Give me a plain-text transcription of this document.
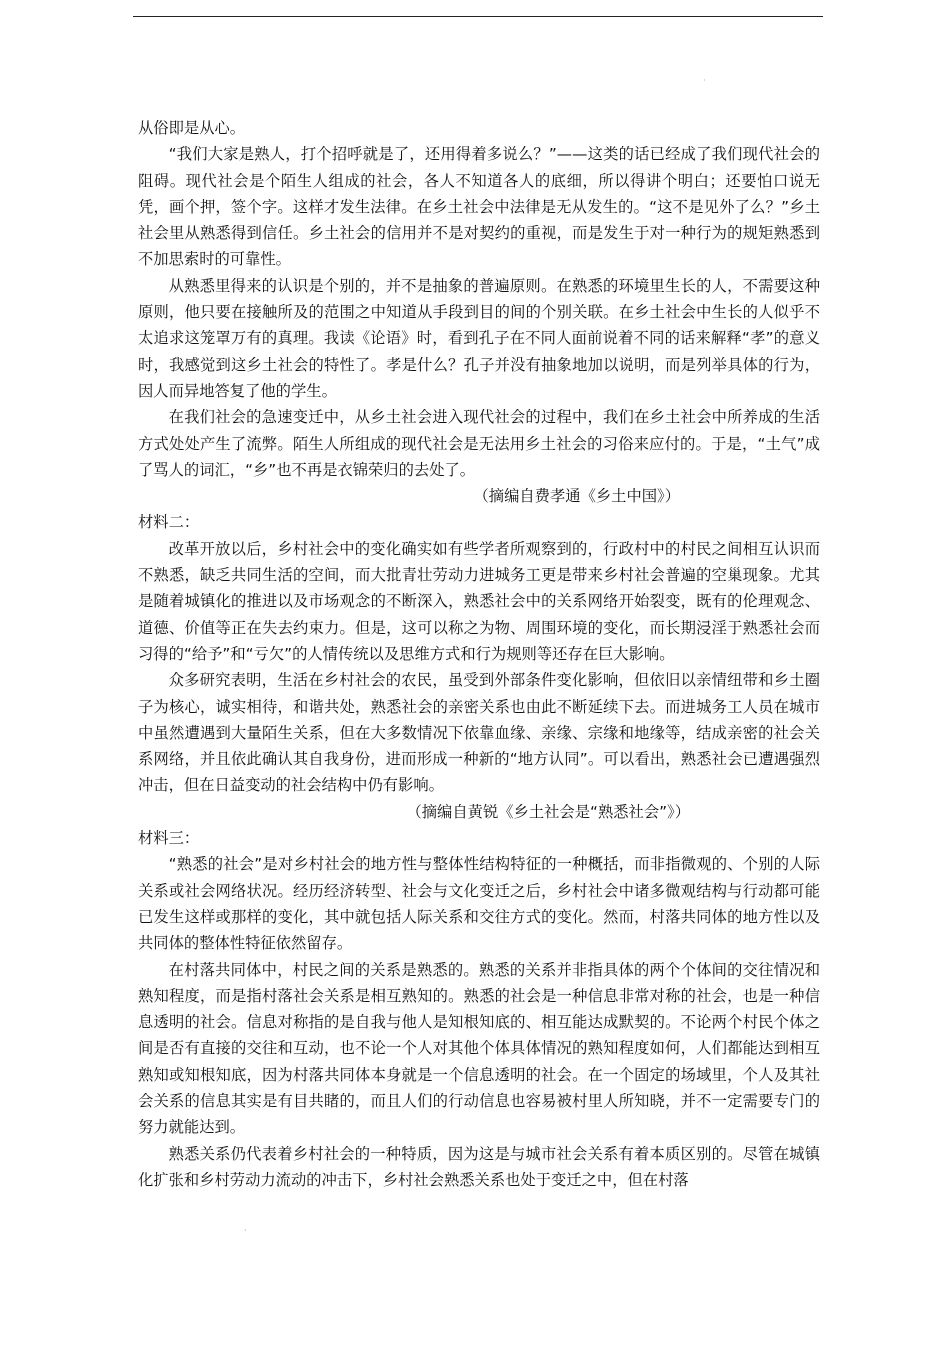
·
·

从俗即是从心。

“我们大家是熟人，打个招呼就是了，还用得着多说么？”——这类的话已经成了我们现代社会的阻碍。现代社会是个陌生人组成的社会，各人不知道各人的底细，所以得讲个明白；还要怕口说无凭，画个押，签个字。这样才发生法律。在乡土社会中法律是无从发生的。“这不是见外了么？”乡土社会里从熟悉得到信任。乡土社会的信用并不是对契约的重视，而是发生于对一种行为的规矩熟悉到不加思索时的可靠性。

从熟悉里得来的认识是个别的，并不是抽象的普遍原则。在熟悉的环境里生长的人，不需要这种原则，他只要在接触所及的范围之中知道从手段到目的间的个别关联。在乡土社会中生长的人似乎不太追求这笼罩万有的真理。我读《论语》时，看到孔子在不同人面前说着不同的话来解释“孝”的意义时，我感觉到这乡土社会的特性了。孝是什么？孔子并没有抽象地加以说明，而是列举具体的行为，因人而异地答复了他的学生。

在我们社会的急速变迁中，从乡土社会进入现代社会的过程中，我们在乡土社会中所养成的生活方式处处产生了流弊。陌生人所组成的现代社会是无法用乡土社会的习俗来应付的。于是，“土气”成了骂人的词汇，“乡”也不再是衣锦荣归的去处了。

（摘编自费孝通《乡土中国》）

材料二：

改革开放以后，乡村社会中的变化确实如有些学者所观察到的，行政村中的村民之间相互认识而不熟悉，缺乏共同生活的空间，而大批青壮劳动力进城务工更是带来乡村社会普遍的空巢现象。尤其是随着城镇化的推进以及市场观念的不断深入，熟悉社会中的关系网络开始裂变，既有的伦理观念、道德、价值等正在失去约束力。但是，这可以称之为物、周围环境的变化，而长期浸淫于熟悉社会而习得的“给予”和“亏欠”的人情传统以及思维方式和行为规则等还存在巨大影响。

众多研究表明，生活在乡村社会的农民，虽受到外部条件变化影响，但依旧以亲情纽带和乡土圈子为核心，诚实相待，和谐共处，熟悉社会的亲密关系也由此不断延续下去。而进城务工人员在城市中虽然遭遇到大量陌生关系，但在大多数情况下依靠血缘、亲缘、宗缘和地缘等，结成亲密的社会关系网络，并且依此确认其自我身份，进而形成一种新的“地方认同”。可以看出，熟悉社会已遭遇强烈冲击，但在日益变动的社会结构中仍有影响。

（摘编自黄锐《乡土社会是“熟悉社会”》）

材料三：

“熟悉的社会”是对乡村社会的地方性与整体性结构特征的一种概括，而非指微观的、个别的人际关系或社会网络状况。经历经济转型、社会与文化变迁之后，乡村社会中诸多微观结构与行动都可能已发生这样或那样的变化，其中就包括人际关系和交往方式的变化。然而，村落共同体的地方性以及共同体的整体性特征依然留存。

在村落共同体中，村民之间的关系是熟悉的。熟悉的关系并非指具体的两个个体间的交往情况和熟知程度，而是指村落社会关系是相互熟知的。熟悉的社会是一种信息非常对称的社会，也是一种信息透明的社会。信息对称指的是自我与他人是知根知底的、相互能达成默契的。不论两个村民个体之间是否有直接的交往和互动，也不论一个人对其他个体具体情况的熟知程度如何，人们都能达到相互熟知或知根知底，因为村落共同体本身就是一个信息透明的社会。在一个固定的场域里，个人及其社会关系的信息其实是有目共睹的，而且人们的行动信息也容易被村里人所知晓，并不一定需要专门的努力就能达到。

熟悉关系仍代表着乡村社会的一种特质，因为这是与城市社会关系有着本质区别的。尽管在城镇化扩张和乡村劳动力流动的冲击下，乡村社会熟悉关系也处于变迁之中，但在村落
